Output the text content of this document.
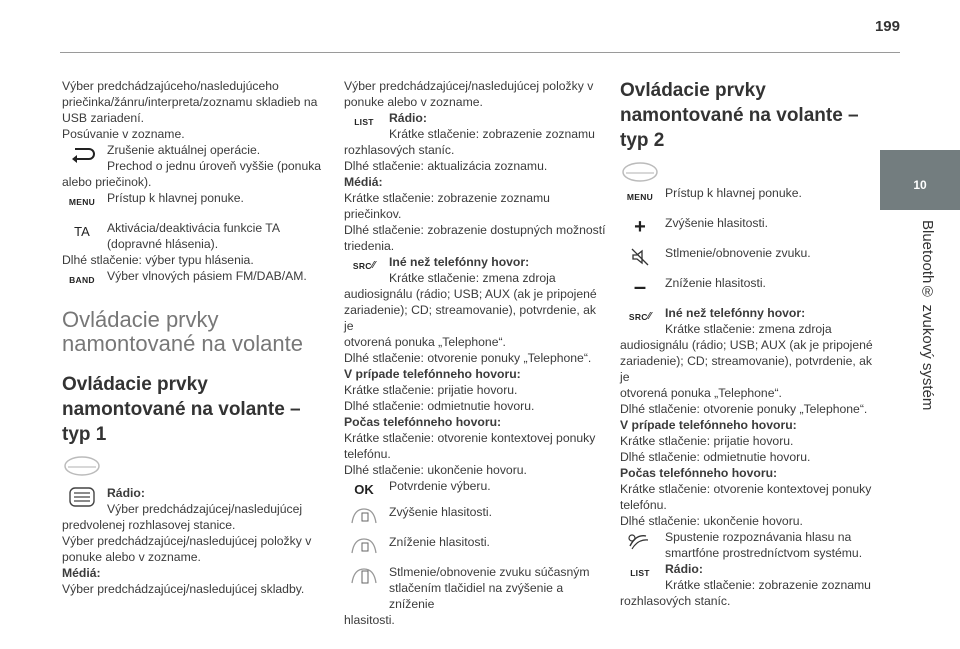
199
10
Bluetooth® zvukový systém

Výber predchádzajúceho/nasledujúceho

priečinka/žánru/interpreta/zoznamu skladieb na

USB zariadení.

Posúvanie v zozname.

Zrušenie aktuálnej operácie.
Prechod o jednu úroveň vyššie (ponuka
alebo priečinok).
MENU Prístup k hlavnej ponuke.
TA	Aktivácia/deaktivácia funkcie TA
(dopravné hlásenia).
Dlhé stlačenie: výber typu hlásenia.
BAND Výber vlnových pásiem FM/DAB/AM.

Ovládacie prvky

namontované na volante

Ovládacie prvky

namontované na volante –

typ 1

Rádio:
Výber predchádzajúcej/nasledujúcej
predvolenej rozhlasovej stanice.
Výber predchádzajúcej/nasledujúcej položky v
ponuke alebo v zozname.
Médiá:
Výber predchádzajúcej/nasledujúcej skladby.

Výber predchádzajúcej/nasledujúcej položky v

ponuke alebo v zozname.

LIST	Rádio:
Krátke stlačenie: zobrazenie zoznamu
rozhlasových staníc.
Dlhé stlačenie: aktualizácia zoznamu.
Médiá:
Krátke stlačenie: zobrazenie zoznamu
priečinkov.
Dlhé stlačenie: zobrazenie dostupných možností
triedenia.
SRC ⁄⁄ Iné než telefónny hovor:
Krátke stlačenie: zmena zdroja
audiosignálu (rádio; USB; AUX (ak je pripojené
zariadenie); CD; streamovanie), potvrdenie, ak je
otvorená ponuka „Telephone“.
Dlhé stlačenie: otvorenie ponuky „Telephone“.
V prípade telefónneho hovoru:
Krátke stlačenie: prijatie hovoru.
Dlhé stlačenie: odmietnutie hovoru.
Počas telefónneho hovoru:
Krátke stlačenie: otvorenie kontextovej ponuky
telefónu.
Dlhé stlačenie: ukončenie hovoru.
OK	Potvrdenie výberu.
Zvýšenie hlasitosti.
Zníženie hlasitosti.
Stlmenie/obnovenie zvuku súčasným
stlačením tlačidiel na zvýšenie a zníženie
hlasitosti.

Ovládacie prvky

namontované na volante –

typ 2

MENU Prístup k hlavnej ponuke.
+	Zvýšenie hlasitosti.
Stlmenie/obnovenie zvuku.
–	Zníženie hlasitosti.
SRC ⁄⁄ Iné než telefónny hovor:
Krátke stlačenie: zmena zdroja
audiosignálu (rádio; USB; AUX (ak je pripojené
zariadenie); CD; streamovanie), potvrdenie, ak je
otvorená ponuka „Telephone“.
Dlhé stlačenie: otvorenie ponuky „Telephone“.
V prípade telefónneho hovoru:
Krátke stlačenie: prijatie hovoru.
Dlhé stlačenie: odmietnutie hovoru.
Počas telefónneho hovoru:
Krátke stlačenie: otvorenie kontextovej ponuky
telefónu.
Dlhé stlačenie: ukončenie hovoru.
Spustenie rozpoznávania hlasu na
smartfóne prostredníctvom systému.
LIST	Rádio:
Krátke stlačenie: zobrazenie zoznamu
rozhlasových staníc.
